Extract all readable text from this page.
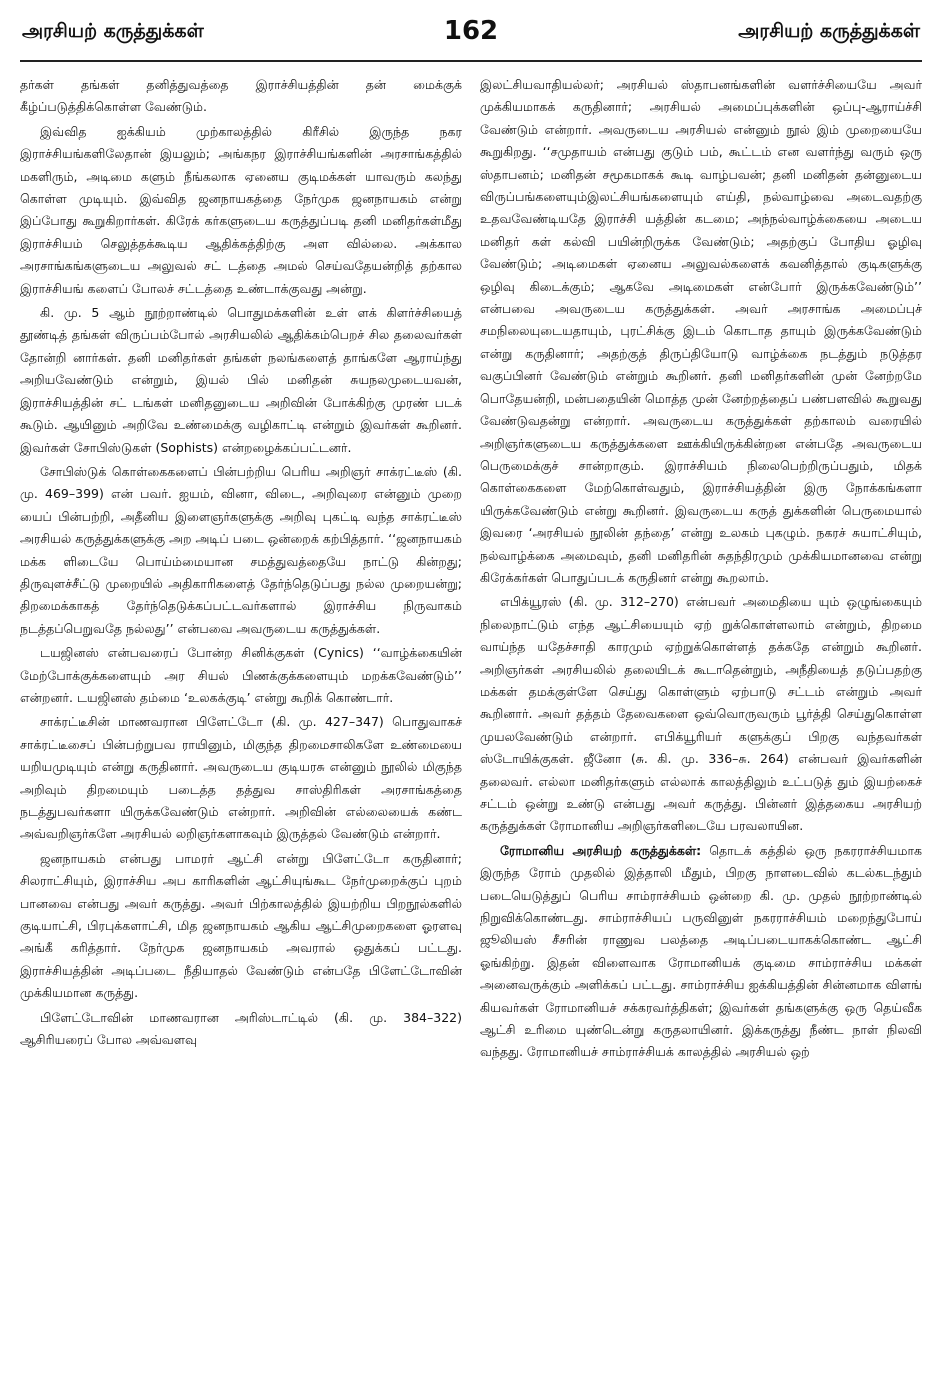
அரசியற் கருத்துக்கள்	162	அரசியற் கருத்துக்கள்

தர்கள் தங்கள் தனித்துவத்தை இராச்சியத்தின் தன் மைக்குக் கீழ்ப்படுத்திக்கொள்ள வேண்டும்.

இவ்வித ஐக்கியம் முற்காலத்தில் கிரீசில் இருந்த நகர இராச்சியங்களிலேதான் இயலும்; அங்கநர இராச்சியங்களின் அரசாங்கத்தில் மகளிரும், அடிமை களும் நீங்கலாக ஏனைய குடிமக்கள் யாவரும் கலந்து கொள்ள முடியும். இவ்வித ஜனநாயகத்தை நேர்முக ஜனநாயகம் என்று இப்போது கூறுகிறார்கள். கிரேக் கர்களுடைய கருத்துப்படி தனி மனிதர்கள்மீது இராச்சியம் செலுத்தக்கூடிய ஆதிக்கத்திற்கு அள வில்லை. அக்கால அரசாங்கங்களுடைய அலுவல் சட் டத்தை அமல் செய்வதேயன்றித் தற்கால இராச்சியங் களைப் போலச் சட்டத்தை உண்டாக்குவது அன்று.

கி. மு. 5 ஆம் நூற்றாண்டில் பொதுமக்களின் உள் ளக் கிளர்ச்சியைத் தூண்டித் தங்கள் விருப்பம்போல் அரசியலில் ஆதிக்கம்பெறச் சில தலைவர்கள் தோன்றி னார்கள். தனி மனிதர்கள் தங்கள் நலங்களைத் தாங்களே ஆராய்ந்து அறியவேண்டும் என்றும், இயல் பில் மனிதன் சுயநலமுடையவன், இராச்சியத்தின் சட் டங்கள் மனிதனுடைய அறிவின் போக்கிற்கு முரண் படக் கூடும். ஆயினும் அறிவே உண்மைக்கு வழிகாட்டி என்றும் இவர்கள் கூறினர். இவர்கள் சோபிஸ்டுகள் (Sophists) என்றழைக்கப்பட்டனர்.

சோபிஸ்டுக் கொள்கைகளைப் பின்பற்றிய பெரிய அறிஞர் சாக்ரட்டீஸ் (கி. மு. 469–399) என் பவர். ஐயம், வினா, விடை, அறிவுரை என்னும் முறை யைப் பின்பற்றி, அதீனிய இளைஞர்களுக்கு அறிவு புகட்டி வந்த சாக்ரட்டீஸ் அரசியல் கருத்துக்களுக்கு அற அடிப் படை ஒன்றைக் கற்பித்தார். ‘‘ஜனநாயகம் மக்க ளிடையே பொய்ம்மையான சமத்துவத்தையே நாட்டு கின்றது; திருவுளச்சீட்டு முறையில் அதிகாரிகளைத் தேர்ந்தெடுப்பது நல்ல முறையன்று; திறமைக்காகத் தேர்ந்தெடுக்கப்பட்டவர்களால் இராச்சிய நிருவாகம் நடத்தப்பெறுவதே நல்லது’’ என்பவை அவருடைய கருத்துக்கள்.

டயஜினஸ் என்பவரைப் போன்ற சினிக்குகள் (Cynics) ‘‘வாழ்க்கையின் மேற்போக்குக்களையும் அர சியல் பிணக்குக்களையும் மறக்கவேண்டும்’’ என்றனர். டயஜினஸ் தம்மை ‘உலகக்குடி’ என்று கூறிக் கொண்டார்.

சாக்ரட்டீசின் மாணவரான பிளேட்டோ (கி. மு. 427–347) பொதுவாகச் சாக்ரட்டீசைப் பின்பற்றுபவ ராயினும், மிகுந்த திறமைசாலிகளே உண்மையை யறியமுடியும் என்று கருதினார். அவருடைய குடியரசு என்னும் நூலில் மிகுந்த அறிவும் திறமையும் படைத்த தத்துவ சாஸ்திரிகள் அரசாங்கத்தை நடத்துபவர்களா யிருக்கவேண்டும் என்றார். அறிவின் எல்லையைக் கண்ட அவ்வறிஞர்களே அரசியல் லறிஞர்களாகவும் இருத்தல் வேண்டும் என்றார்.

ஜனநாயகம் என்பது பாமரர் ஆட்சி என்று பிளேட்டோ கருதினார்; சிலராட்சியும், இராச்சிய அப காரிகளின் ஆட்சியுங்கூட நேர்முறைக்குப் புறம் பானவை என்பது அவர் கருத்து. அவர் பிற்காலத்தில் இயற்றிய பிறநூல்களில் குடியாட்சி, பிரபுக்களாட்சி, மித ஜனநாயகம் ஆகிய ஆட்சிமுறைகளை ஓரளவு அங்கீ கரித்தார். நேர்முக ஜனநாயகம் அவரால் ஒதுக்கப் பட்டது. இராச்சியத்தின் அடிப்படை நீதியாதல் வேண்டும் என்பதே பிளேட்டோவின் முக்கியமான கருத்து.

பிளேட்டோவின் மாணவரான அரிஸ்டாட்டில் (கி. மு. 384–322) ஆசிரியரைப் போல அவ்வளவு

இலட்சியவாதியல்லர்; அரசியல் ஸ்தாபனங்களின் வளர்ச்சியையே அவர் முக்கியமாகக் கருதினார்; அரசியல் அமைப்புக்களின் ஒப்பு-ஆராய்ச்சி வேண்டும் என்றார். அவருடைய அரசியல் என்னும் நூல் இம் முறையையே கூறுகிறது. ‘‘சமுதாயம் என்பது குடும் பம், கூட்டம் என வளர்ந்து வரும் ஒரு ஸ்தாபனம்; மனிதன் சமூகமாகக் கூடி வாழ்பவன்; தனி மனிதன் தன்னுடைய விருப்பங்களையும்இலட்சியங்களையும் எய்தி, நல்வாழ்வை அடைவதற்கு உதவவேண்டியதே இராச்சி யத்தின் கடமை; அந்நல்வாழ்க்கையை அடைய மனிதர் கள் கல்வி பயின்றிருக்க வேண்டும்; அதற்குப் போதிய ஓழிவு வேண்டும்; அடிமைகள் ஏனைய அலுவல்களைக் கவனித்தால் குடிகளுக்கு ஒழிவு கிடைக்கும்; ஆகவே அடிமைகள் என்போர் இருக்கவேண்டும்’’ என்பவை அவருடைய கருத்துக்கள். அவர் அரசாங்க அமைப்புச் சமநிலையுடையதாயும், புரட்சிக்கு இடம் கொடாத தாயும் இருக்கவேண்டும் என்று கருதினார்; அதற்குத் திருப்தியோடு வாழ்க்கை நடத்தும் நடுத்தர வகுப்பினர் வேண்டும் என்றும் கூறினர். தனி மனிதர்களின் முன் னேற்றமே பொதேயன்றி, மன்பதையின் மொத்த முன் னேற்றத்தைப் பண்பளவில் கூறுவது வேண்டுவதன்று என்றார். அவருடைய கருத்துக்கள் தற்காலம் வரையில் அறிஞர்களுடைய கருத்துக்களை ஊக்கியிருக்கின்றன என்பதே அவருடைய பெருமைக்குச் சான்றாகும். இராச்சியம் நிலைபெற்றிருப்பதும், மிதக் கொள்கைகளை மேற்கொள்வதும், இராச்சியத்தின் இரு நோக்கங்களா யிருக்கவேண்டும் என்று கூறினர். இவருடைய கருத் துக்களின் பெருமையால் இவரை ‘அரசியல் நூலின் தந்தை’ என்று உலகம் புகழும். நகரச் சுயாட்சியும், நல்வாழ்க்கை அமைவும், தனி மனிதரின் சுதந்திரமும் முக்கியமானவை என்று கிரேக்கர்கள் பொதுப்படக் கருதினர் என்று கூறலாம்.

எபிக்யூரஸ் (கி. மு. 312–270) என்பவர் அமைதியை யும் ஒழுங்கையும் நிலைநாட்டும் எந்த ஆட்சியையும் ஏற் றுக்கொள்ளலாம் என்றும், திறமை வாய்ந்த யதேச்சாதி காரமும் ஏற்றுக்கொள்ளத் தக்கதே என்றும் கூறினர். அறிஞர்கள் அரசியலில் தலையிடக் கூடாதென்றும், அநீதியைத் தடுப்பதற்கு மக்கள் தமக்குள்ளே செய்து கொள்ளும் ஏற்பாடு சட்டம் என்றும் அவர் கூறினார். அவர் தத்தம் தேவைகளை ஒவ்வொருவரும் பூர்த்தி செய்துகொள்ள முயலவேண்டும் என்றார். எபிக்யூரியர் களுக்குப் பிறகு வந்தவர்கள் ஸ்டோயிக்குகள். ஜீனோ (சு. கி. மு. 336–சு. 264) என்பவர் இவர்களின் தலைவர். எல்லா மனிதர்களும் எல்லாக் காலத்திலும் உட்படுத் தும் இயற்கைச் சட்டம் ஒன்று உண்டு என்பது அவர் கருத்து. பின்னர் இத்தகைய அரசியற் கருத்துக்கள் ரோமானிய அறிஞர்களிடையே பரவலாயின.

ரோமானிய அரசியற் கருத்துக்கள்: தொடக் கத்தில் ஒரு நகரராச்சியமாக இருந்த ரோம் முதலில் இத்தாலி மீதும், பிறகு நாளடைவில் கடல்கடந்தும் படையெடுத்துப் பெரிய சாம்ராச்சியம் ஒன்றை கி. மு. முதல் நூற்றாண்டில் நிறுவிக்கொண்டது. சாம்ராச்சியப் பருவினுள் நகரராச்சியம் மறைந்துபோய் ஜூலியஸ் சீசரின் ராணுவ பலத்தை அடிப்படையாகக்கொண்ட ஆட்சி ஓங்கிற்று. இதன் விளைவாக ரோமானியக் குடிமை சாம்ராச்சிய மக்கள் அனைவருக்கும் அளிக்கப் பட்டது. சாம்ராச்சிய ஐக்கியத்தின் சின்னமாக விளங் கியவர்கள் ரோமானியச் சக்கரவர்த்திகள்; இவர்கள் தங்களுக்கு ஒரு தெய்வீக ஆட்சி உரிமை யுண்டென்று கருதலாயினர். இக்கருத்து நீண்ட நாள் நிலவி வந்தது. ரோமானியச் சாம்ராச்சியக் காலத்தில் அரசியல் ஒற்
